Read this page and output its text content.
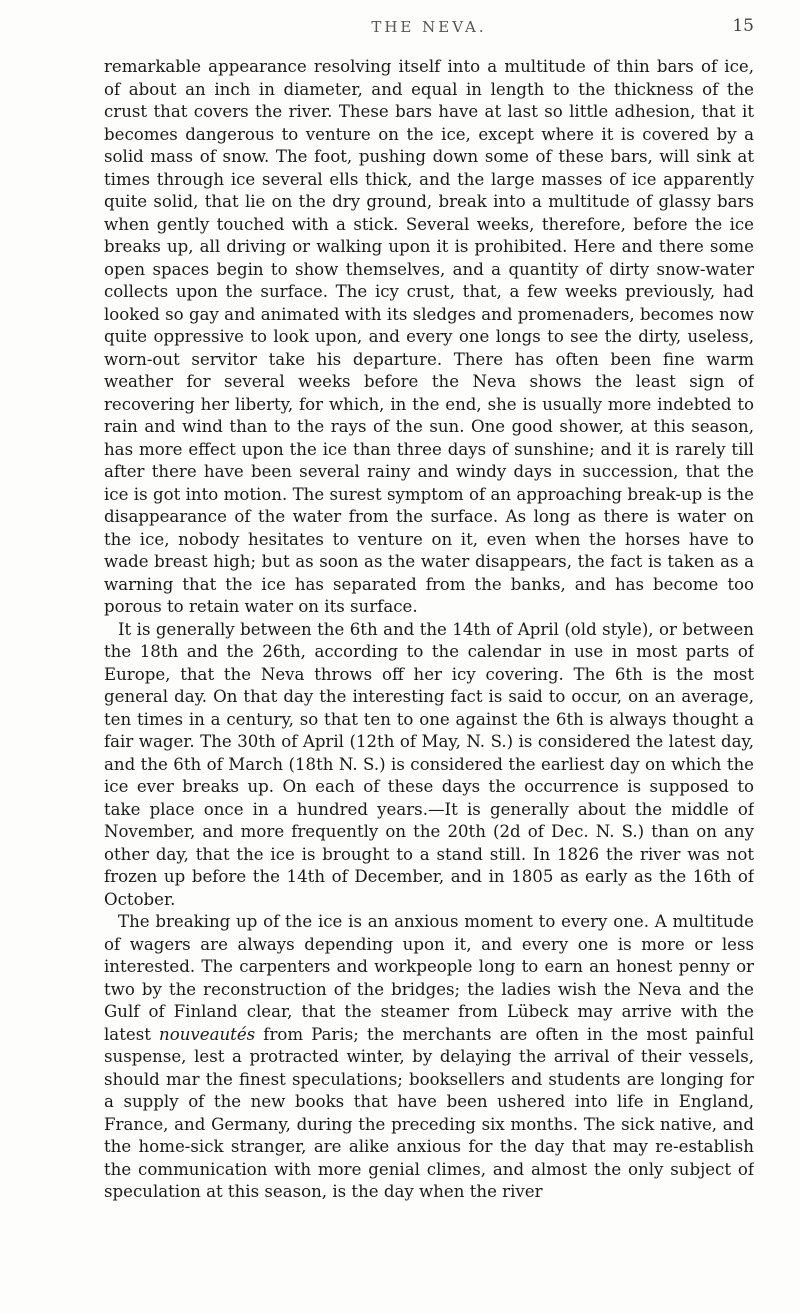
THE NEVA.	15

remarkable appearance resolving itself into a multitude of thin bars of ice, of about an inch in diameter, and equal in length to the thickness of the crust that covers the river. These bars have at last so little adhesion, that it becomes dangerous to venture on the ice, except where it is covered by a solid mass of snow. The foot, pushing down some of these bars, will sink at times through ice several ells thick, and the large masses of ice apparently quite solid, that lie on the dry ground, break into a multitude of glassy bars when gently touched with a stick. Several weeks, therefore, before the ice breaks up, all driving or walking upon it is prohibited. Here and there some open spaces begin to show themselves, and a quantity of dirty snow-water collects upon the surface. The icy crust, that, a few weeks previously, had looked so gay and animated with its sledges and promenaders, becomes now quite oppressive to look upon, and every one longs to see the dirty, useless, worn-out servitor take his departure. There has often been fine warm weather for several weeks before the Neva shows the least sign of recovering her liberty, for which, in the end, she is usually more indebted to rain and wind than to the rays of the sun. One good shower, at this season, has more effect upon the ice than three days of sunshine; and it is rarely till after there have been several rainy and windy days in succession, that the ice is got into motion. The surest symptom of an approaching break-up is the disappearance of the water from the surface. As long as there is water on the ice, nobody hesitates to venture on it, even when the horses have to wade breast high; but as soon as the water disappears, the fact is taken as a warning that the ice has separated from the banks, and has become too porous to retain water on its surface.

It is generally between the 6th and the 14th of April (old style), or between the 18th and the 26th, according to the calendar in use in most parts of Europe, that the Neva throws off her icy covering. The 6th is the most general day. On that day the interesting fact is said to occur, on an average, ten times in a century, so that ten to one against the 6th is always thought a fair wager. The 30th of April (12th of May, N. S.) is considered the latest day, and the 6th of March (18th N. S.) is considered the earliest day on which the ice ever breaks up. On each of these days the occurrence is supposed to take place once in a hundred years.—It is generally about the middle of November, and more frequently on the 20th (2d of Dec. N. S.) than on any other day, that the ice is brought to a stand still. In 1826 the river was not frozen up before the 14th of December, and in 1805 as early as the 16th of October.

The breaking up of the ice is an anxious moment to every one. A multitude of wagers are always depending upon it, and every one is more or less interested. The carpenters and workpeople long to earn an honest penny or two by the reconstruction of the bridges; the ladies wish the Neva and the Gulf of Finland clear, that the steamer from Lübeck may arrive with the latest nouveautés from Paris; the merchants are often in the most painful suspense, lest a protracted winter, by delaying the arrival of their vessels, should mar the finest speculations; booksellers and students are longing for a supply of the new books that have been ushered into life in England, France, and Germany, during the preceding six months. The sick native, and the home-sick stranger, are alike anxious for the day that may re-establish the communication with more genial climes, and almost the only subject of speculation at this season, is the day when the river
